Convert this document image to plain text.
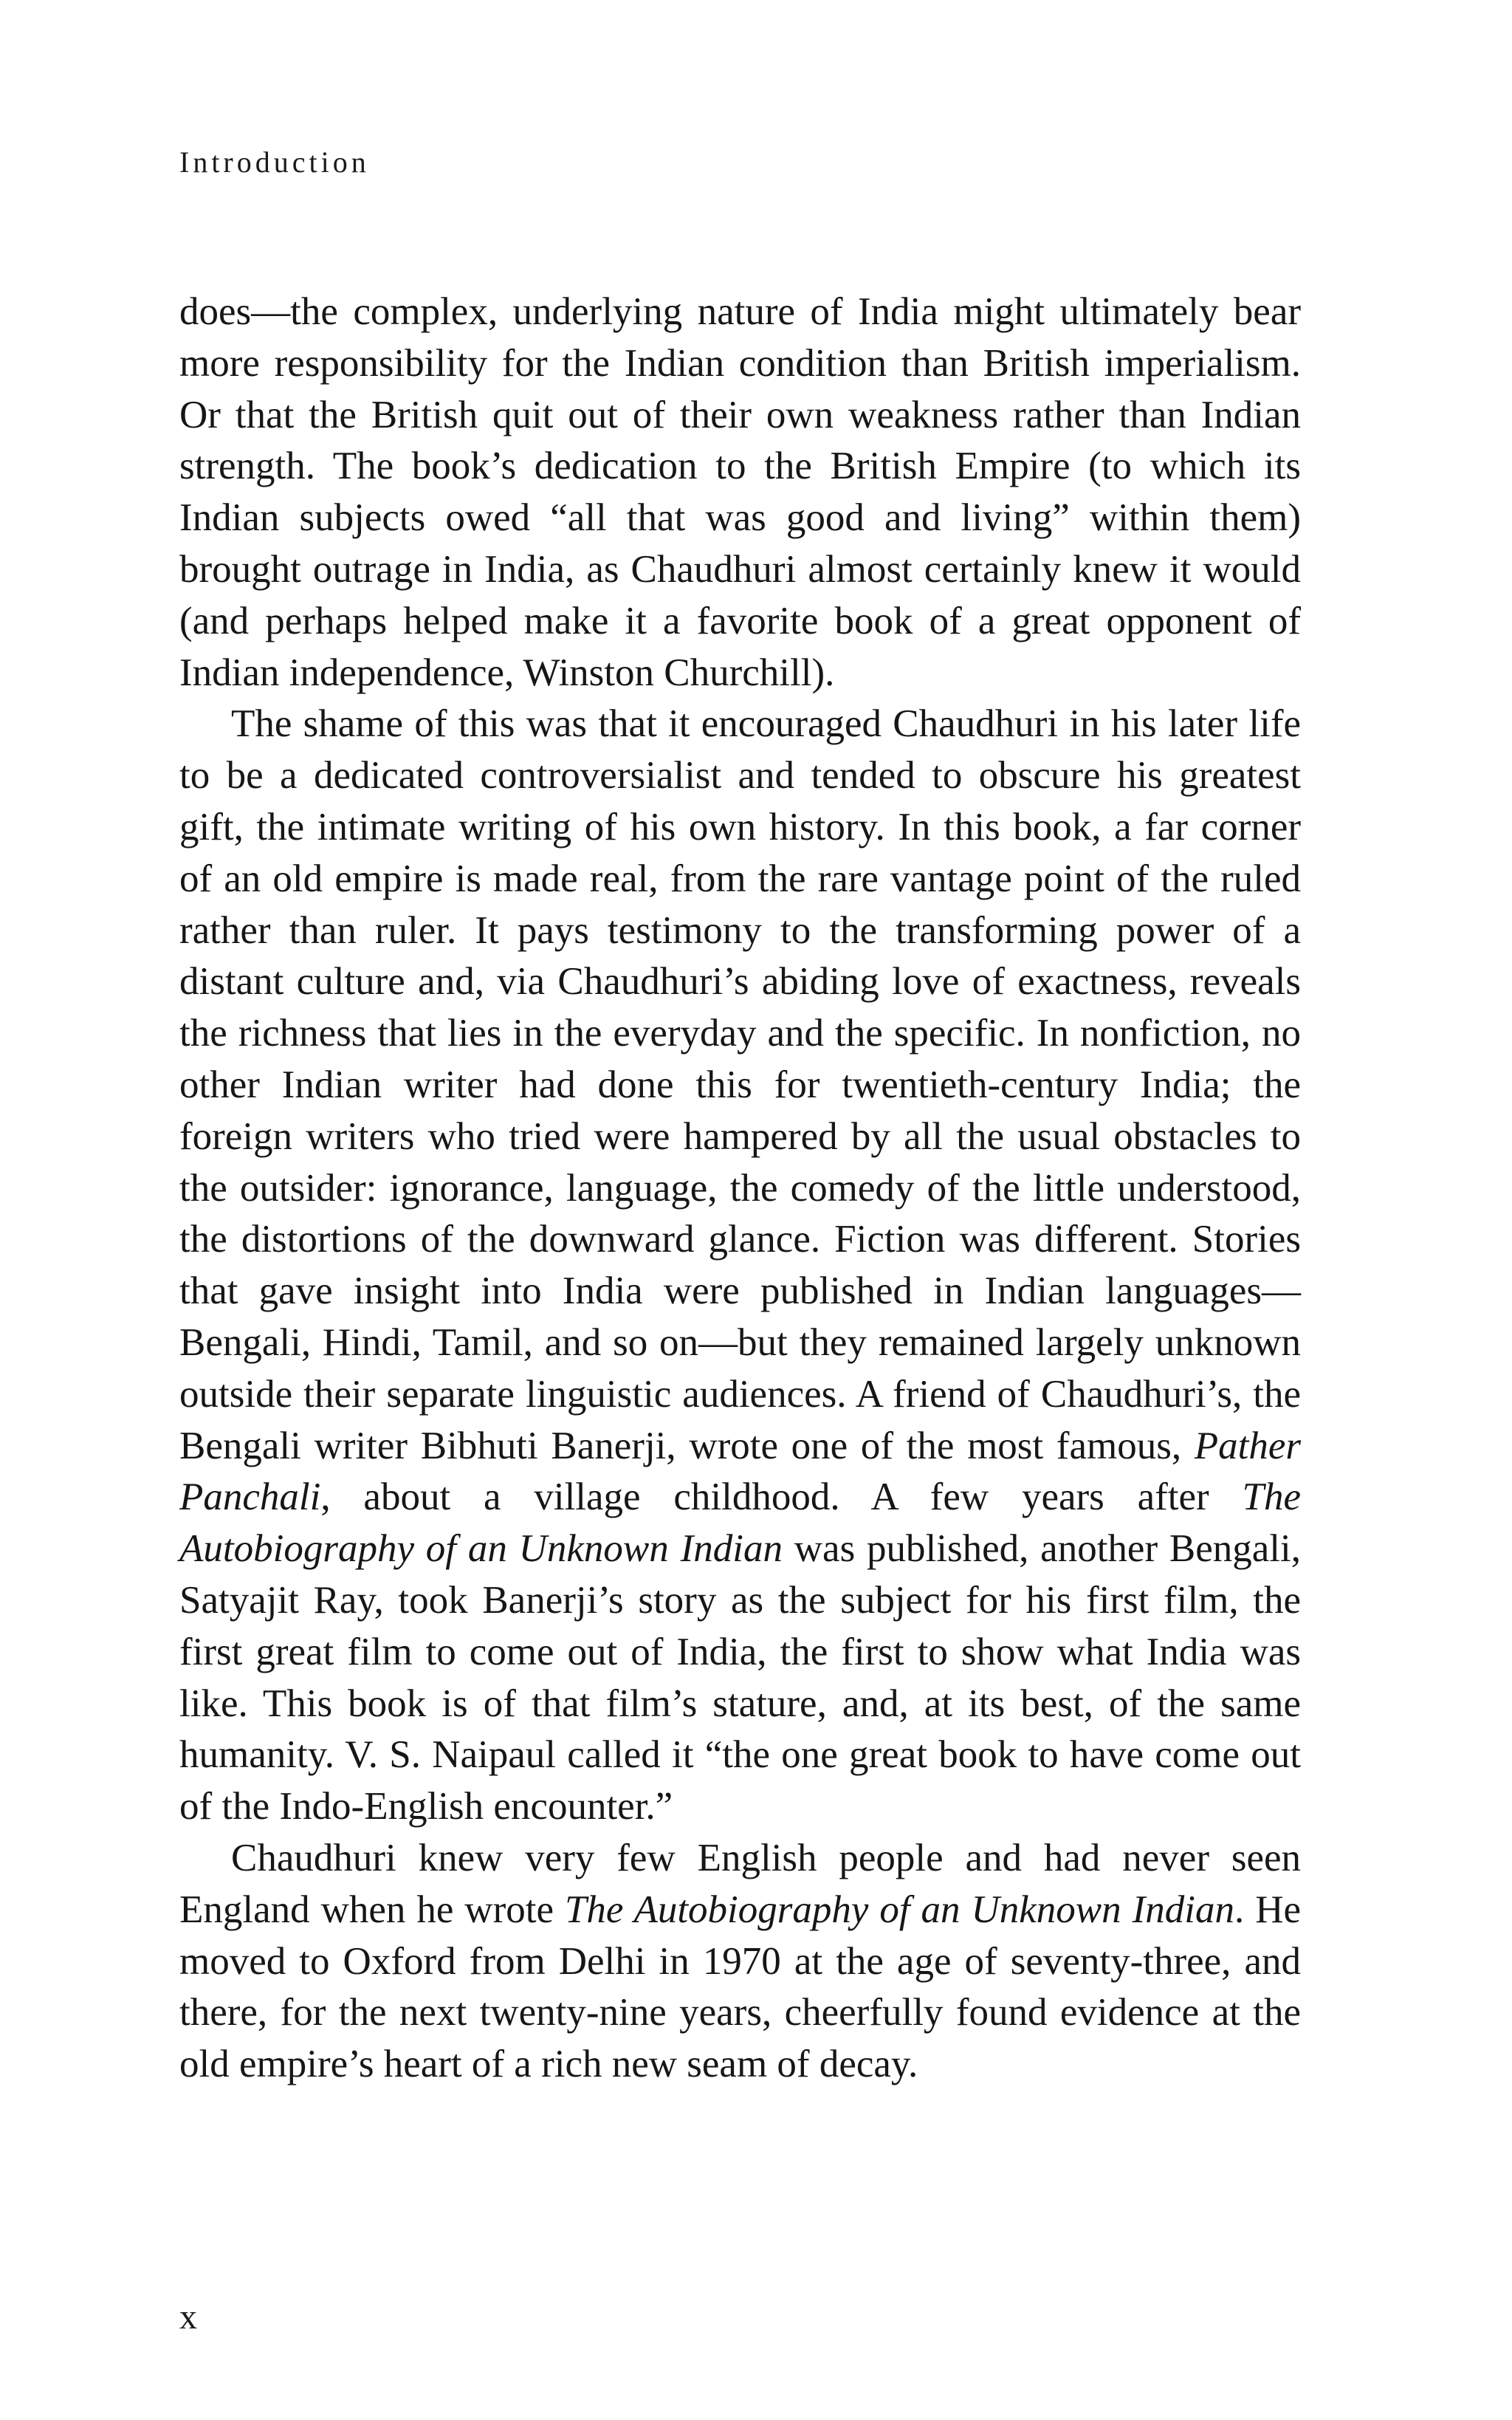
Introduction

does—the complex, underlying nature of India might ultimately bear more responsibility for the Indian condition than British imperialism. Or that the British quit out of their own weakness rather than Indian strength. The book’s dedication to the British Empire (to which its Indian subjects owed “all that was good and living” within them) brought outrage in India, as Chaudhuri almost certainly knew it would (and perhaps helped make it a favorite book of a great opponent of Indian independence, Winston Churchill).

The shame of this was that it encouraged Chaudhuri in his later life to be a dedicated controversialist and tended to obscure his greatest gift, the intimate writing of his own history. In this book, a far corner of an old empire is made real, from the rare vantage point of the ruled rather than ruler. It pays testimony to the transforming power of a distant culture and, via Chaudhuri’s abiding love of exactness, reveals the richness that lies in the everyday and the specific. In nonfiction, no other Indian writer had done this for twentieth-century India; the foreign writers who tried were hampered by all the usual obstacles to the outsider: ignorance, language, the comedy of the little understood, the distortions of the downward glance. Fiction was different. Stories that gave insight into India were published in Indian languages—Bengali, Hindi, Tamil, and so on—but they remained largely unknown outside their separate linguistic audiences. A friend of Chaudhuri’s, the Bengali writer Bibhuti Banerji, wrote one of the most famous, Pather Panchali, about a village childhood. A few years after The Autobiography of an Unknown Indian was published, another Bengali, Satyajit Ray, took Banerji’s story as the subject for his first film, the first great film to come out of India, the first to show what India was like. This book is of that film’s stature, and, at its best, of the same humanity. V. S. Naipaul called it “the one great book to have come out of the Indo-English encounter.”

Chaudhuri knew very few English people and had never seen England when he wrote The Autobiography of an Unknown Indian. He moved to Oxford from Delhi in 1970 at the age of seventy-three, and there, for the next twenty-nine years, cheerfully found evidence at the old empire’s heart of a rich new seam of decay.

x
